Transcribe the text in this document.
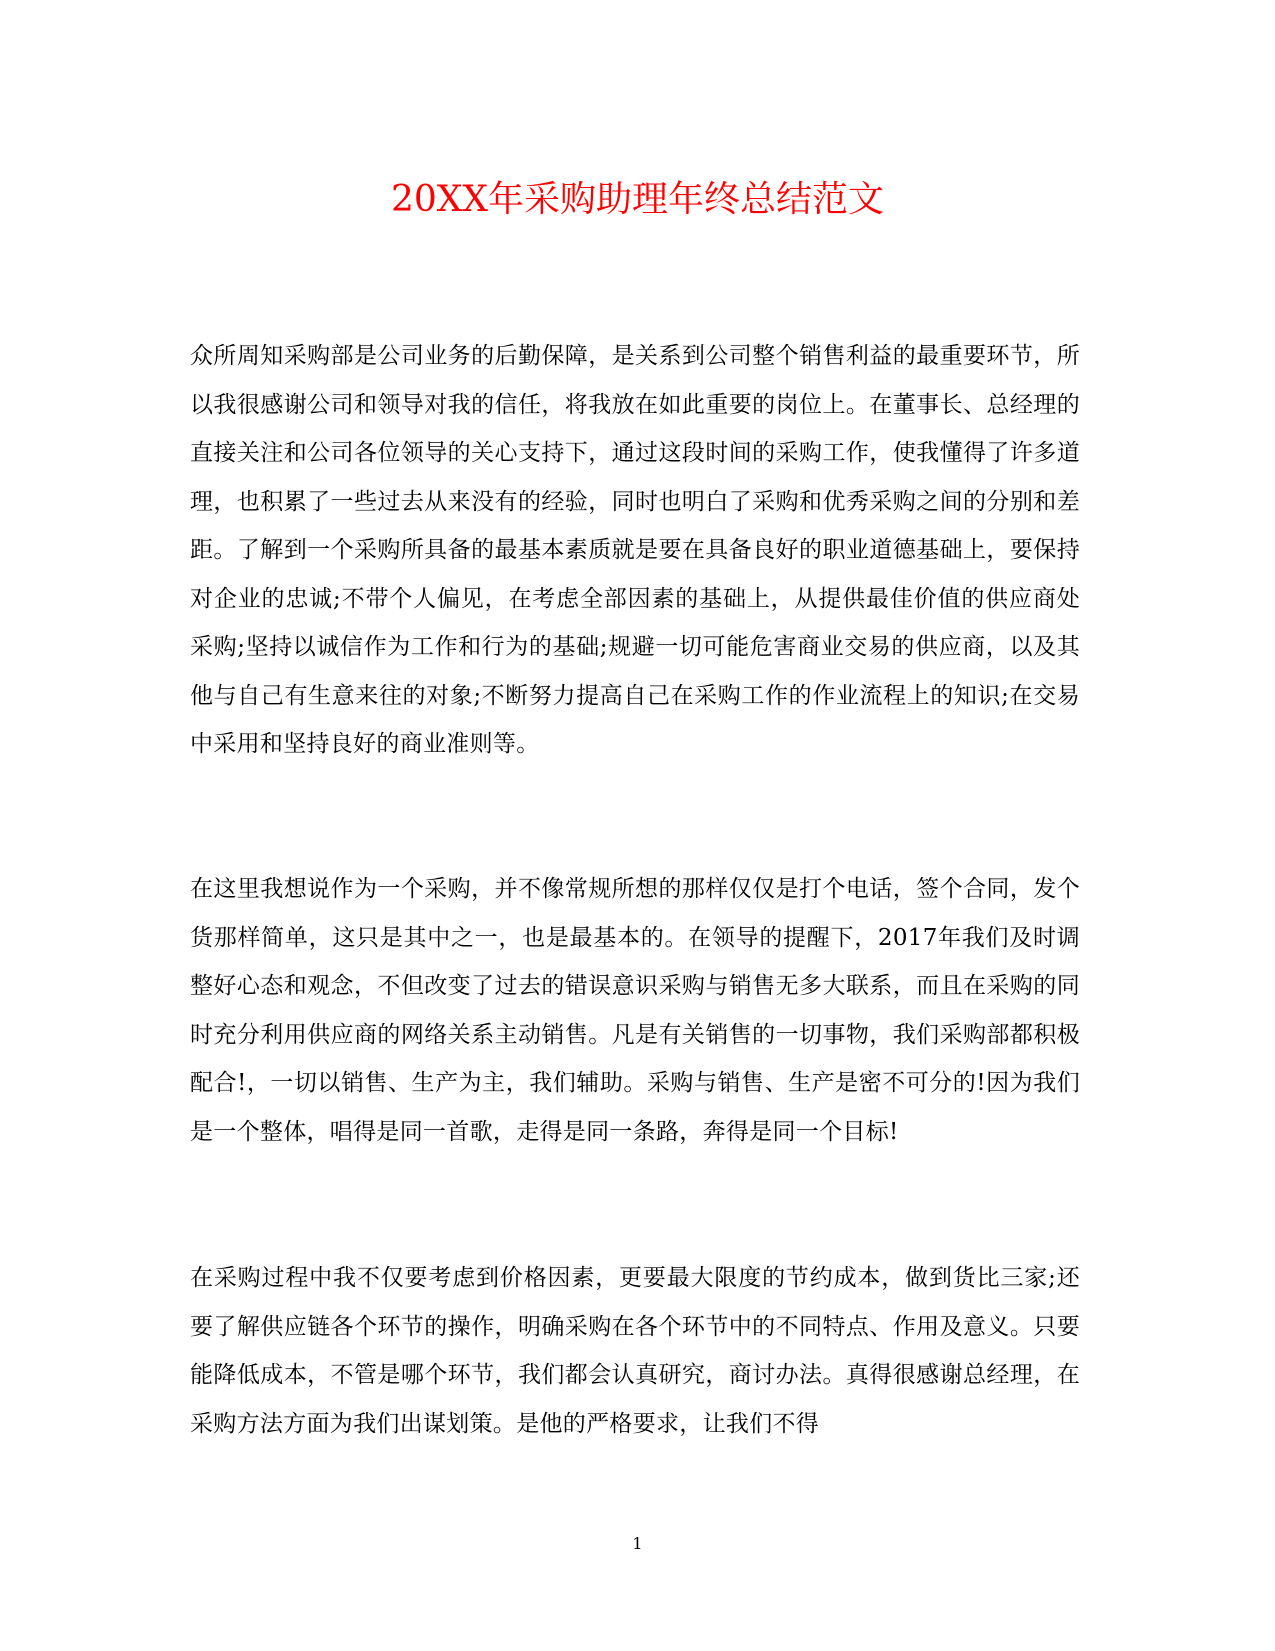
20XX年采购助理年终总结范文

众所周知采购部是公司业务的后勤保障，是关系到公司整个销售利益的最重要环节，所以我很感谢公司和领导对我的信任，将我放在如此重要的岗位上。在董事长、总经理的直接关注和公司各位领导的关心支持下，通过这段时间的采购工作，使我懂得了许多道理，也积累了一些过去从来没有的经验，同时也明白了采购和优秀采购之间的分别和差距。了解到一个采购所具备的最基本素质就是要在具备良好的职业道德基础上，要保持对企业的忠诚;不带个人偏见，在考虑全部因素的基础上，从提供最佳价值的供应商处采购;坚持以诚信作为工作和行为的基础;规避一切可能危害商业交易的供应商，以及其他与自己有生意来往的对象;不断努力提高自己在采购工作的作业流程上的知识;在交易中采用和坚持良好的商业准则等。

在这里我想说作为一个采购，并不像常规所想的那样仅仅是打个电话，签个合同，发个货那样简单，这只是其中之一，也是最基本的。在领导的提醒下，2017年我们及时调整好心态和观念，不但改变了过去的错误意识采购与销售无多大联系，而且在采购的同时充分利用供应商的网络关系主动销售。凡是有关销售的一切事物，我们采购部都积极配合!，一切以销售、生产为主，我们辅助。采购与销售、生产是密不可分的!因为我们是一个整体，唱得是同一首歌，走得是同一条路，奔得是同一个目标!

在采购过程中我不仅要考虑到价格因素，更要最大限度的节约成本，做到货比三家;还要了解供应链各个环节的操作，明确采购在各个环节中的不同特点、作用及意义。只要能降低成本，不管是哪个环节，我们都会认真研究，商讨办法。真得很感谢总经理，在采购方法方面为我们出谋划策。是他的严格要求，让我们不得

1
